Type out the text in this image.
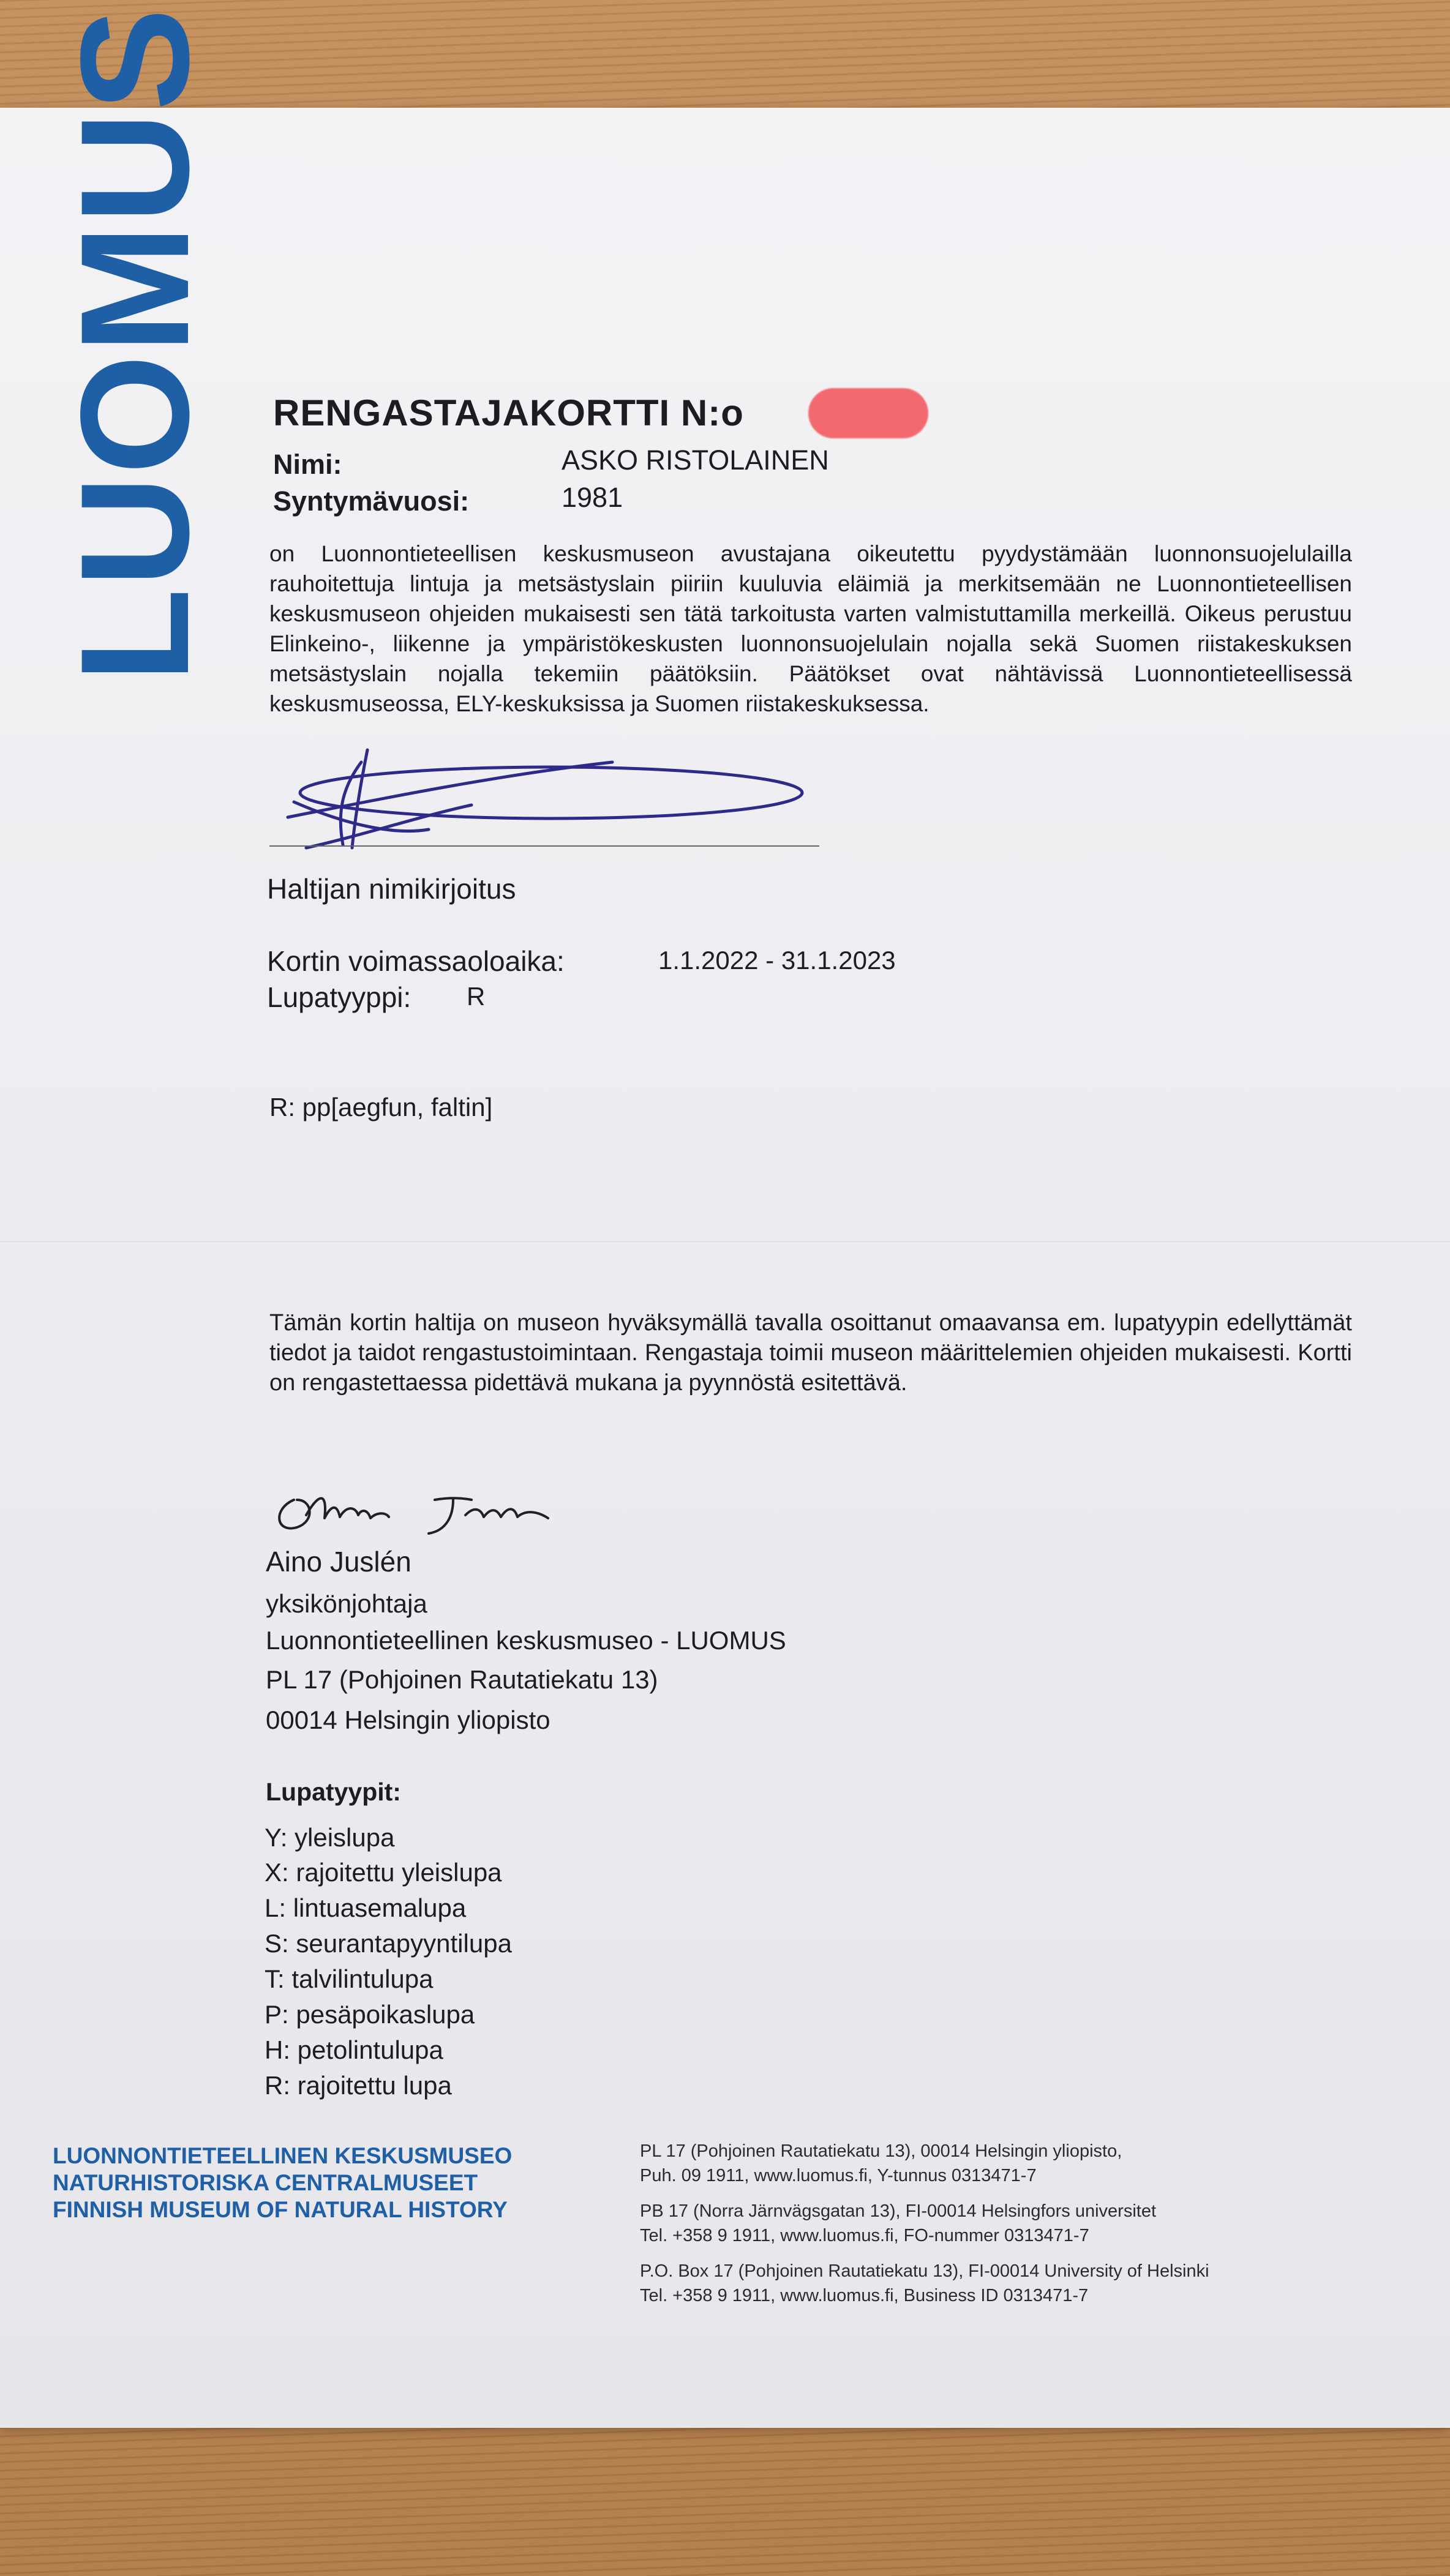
LUOMUS RENGASTAJAKORTTI N:o
Nimi:	ASKO RISTOLAINEN
Syntymävuosi:	1981
on Luonnontieteellisen keskusmuseon avustajana oikeutettu pyydystämään luonnonsuojelulailla rauhoitettuja lintuja ja metsästyslain piiriin kuuluvia eläimiä ja merkitsemään ne Luonnontieteellisen keskusmuseon ohjeiden mukaisesti sen tätä tarkoitusta varten valmistuttamilla merkeillä. Oikeus perustuu Elinkeino-, liikenne ja ympäristökeskusten luonnonsuojelulain nojalla sekä Suomen riistakeskuksen metsästyslain nojalla tekemiin päätöksiin. Päätökset ovat nähtävissä Luonnontieteellisessä keskusmuseossa, ELY-keskuksissa ja Suomen riistakeskuksessa.
Haltijan nimikirjoitus
Kortin voimassaoloaika:	1.1.2022 - 31.1.2023
Lupatyyppi: R
R: pp[aegfun, faltin]
Tämän kortin haltija on museon hyväksymällä tavalla osoittanut omaavansa em. lupatyypin edellyttämät tiedot ja taidot rengastustoimintaan. Rengastaja toimii museon määrittelemien ohjeiden mukaisesti. Kortti on rengastettaessa pidettävä mukana ja pyynnöstä esitettävä.
Aino Juslén
yksikönjohtaja
Luonnontieteellinen keskusmuseo - LUOMUS
PL 17 (Pohjoinen Rautatiekatu 13)
00014 Helsingin yliopisto
Lupatyypit:
Y: yleislupa
X: rajoitettu yleislupa
L: lintuasemalupa
S: seurantapyyntilupa
T: talvilintulupa
P: pesäpoikaslupa
H: petolintulupa
R: rajoitettu lupa
LUONNONTIETEELLINEN KESKUSMUSEO
NATURHISTORISKA CENTRALMUSEET
FINNISH MUSEUM OF NATURAL HISTORY
PL 17 (Pohjoinen Rautatiekatu 13), 00014 Helsingin yliopisto,
Puh. 09 1911, www.luomus.fi, Y-tunnus 0313471-7
PB 17 (Norra Järnvägsgatan 13), FI-00014 Helsingfors universitet
Tel. +358 9 1911, www.luomus.fi, FO-nummer 0313471-7
P.O. Box 17 (Pohjoinen Rautatiekatu 13), FI-00014 University of Helsinki
Tel. +358 9 1911, www.luomus.fi, Business ID 0313471-7
